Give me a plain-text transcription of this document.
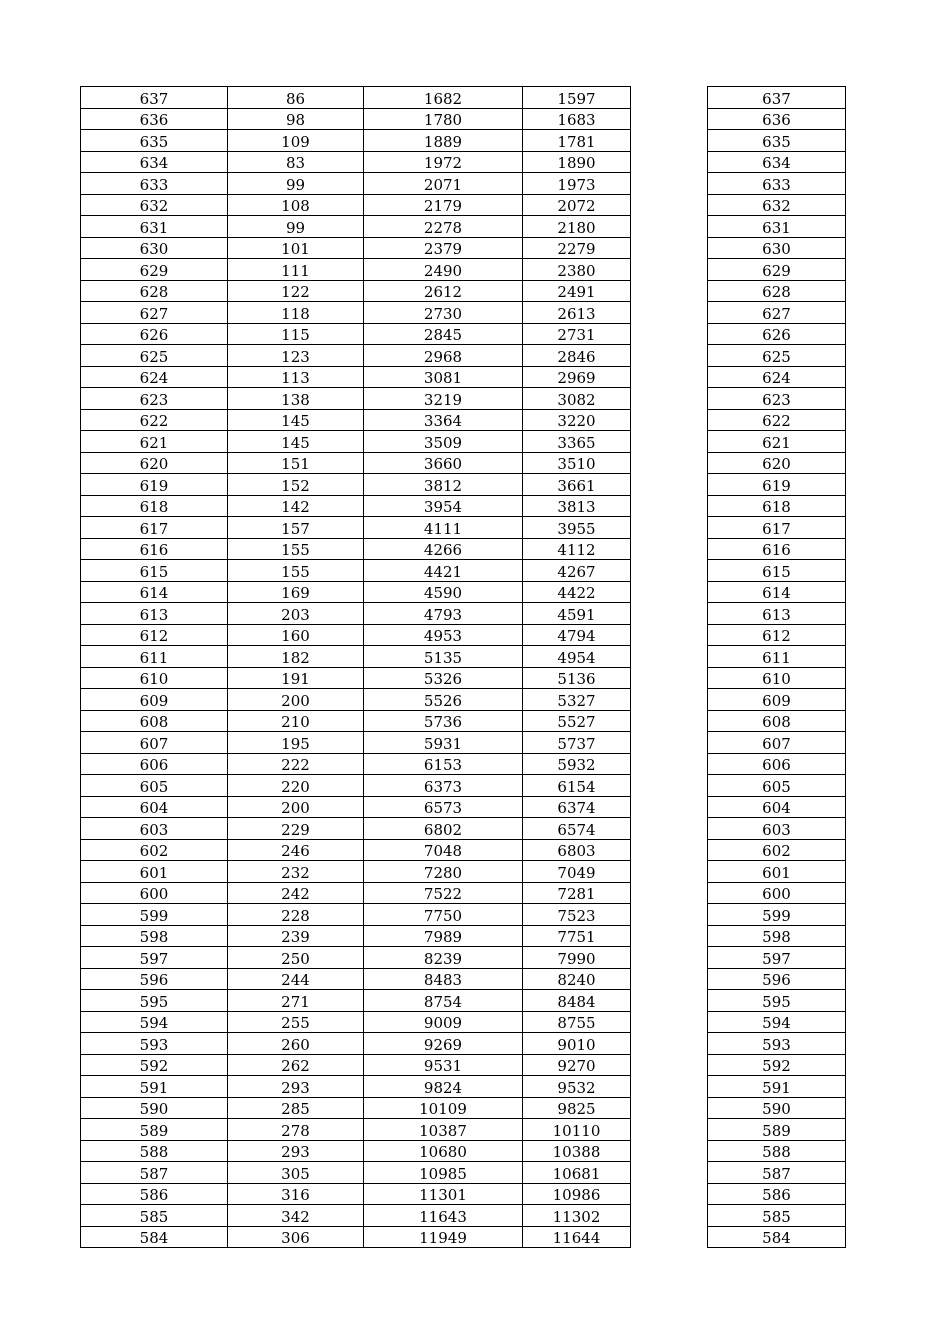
637	86	1682	1597
636	98	1780	1683
635	109	1889	1781
634	83	1972	1890
633	99	2071	1973
632	108	2179	2072
631	99	2278	2180
630	101	2379	2279
629	111	2490	2380
628	122	2612	2491
627	118	2730	2613
626	115	2845	2731
625	123	2968	2846
624	113	3081	2969
623	138	3219	3082
622	145	3364	3220
621	145	3509	3365
620	151	3660	3510
619	152	3812	3661
618	142	3954	3813
617	157	4111	3955
616	155	4266	4112
615	155	4421	4267
614	169	4590	4422
613	203	4793	4591
612	160	4953	4794
611	182	5135	4954
610	191	5326	5136
609	200	5526	5327
608	210	5736	5527
607	195	5931	5737
606	222	6153	5932
605	220	6373	6154
604	200	6573	6374
603	229	6802	6574
602	246	7048	6803
601	232	7280	7049
600	242	7522	7281
599	228	7750	7523
598	239	7989	7751
597	250	8239	7990
596	244	8483	8240
595	271	8754	8484
594	255	9009	8755
593	260	9269	9010
592	262	9531	9270
591	293	9824	9532
590	285	10109	9825
589	278	10387	10110
588	293	10680	10388
587	305	10985	10681
586	316	11301	10986
585	342	11643	11302
584	306	11949	11644
637
636
635
634
633
632
631
630
629
628
627
626
625
624
623
622
621
620
619
618
617
616
615
614
613
612
611
610
609
608
607
606
605
604
603
602
601
600
599
598
597
596
595
594
593
592
591
590
589
588
587
586
585
584
